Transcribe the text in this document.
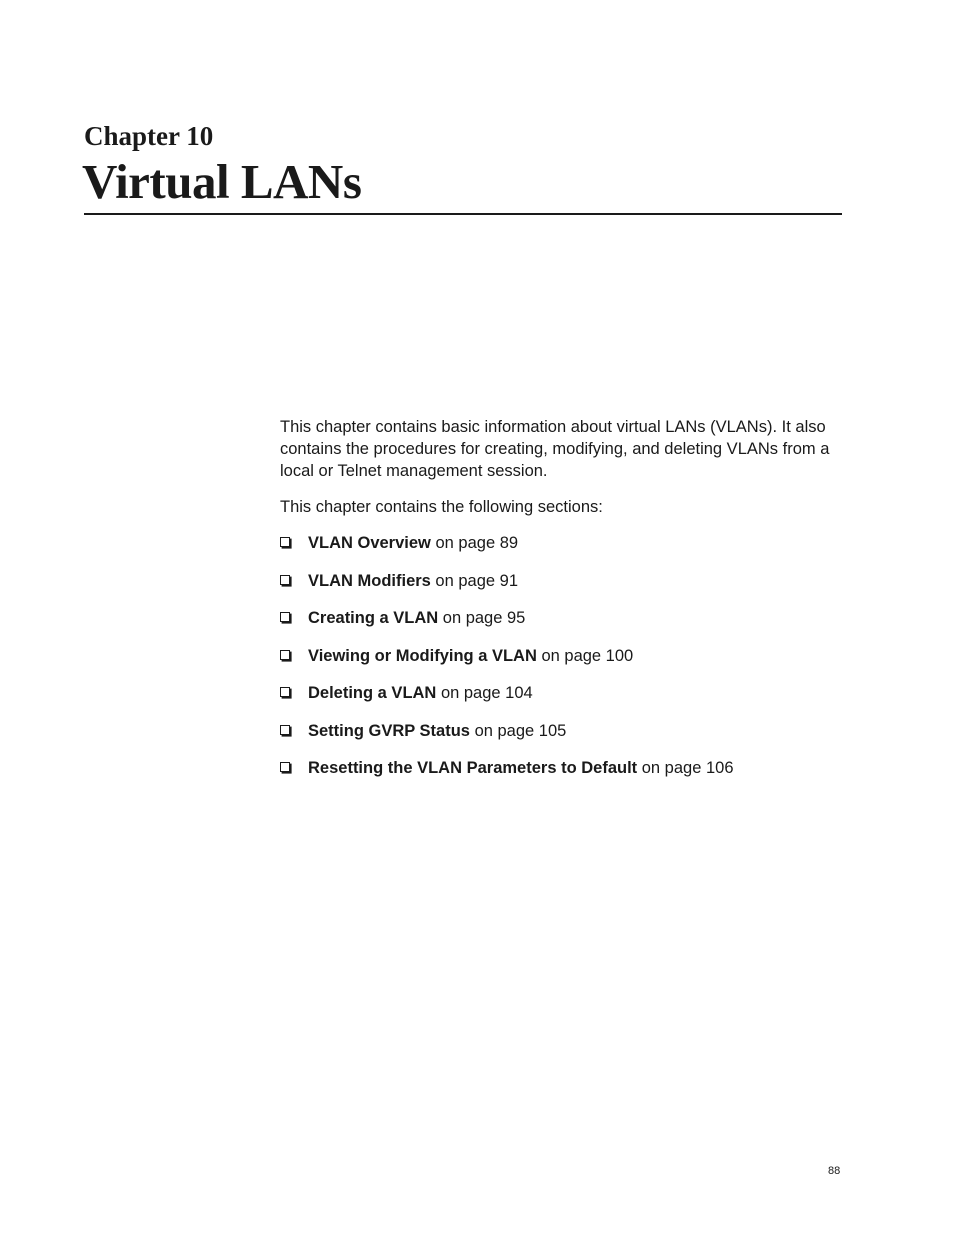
Chapter 10
Virtual LANs

This chapter contains basic information about virtual LANs (VLANs). It also contains the procedures for creating, modifying, and deleting VLANs from a local or Telnet management session.

This chapter contains the following sections:

VLAN Overview on page 89
VLAN Modifiers on page 91
Creating a VLAN on page 95
Viewing or Modifying a VLAN on page 100
Deleting a VLAN on page 104
Setting GVRP Status on page 105
Resetting the VLAN Parameters to Default on page 106
88
